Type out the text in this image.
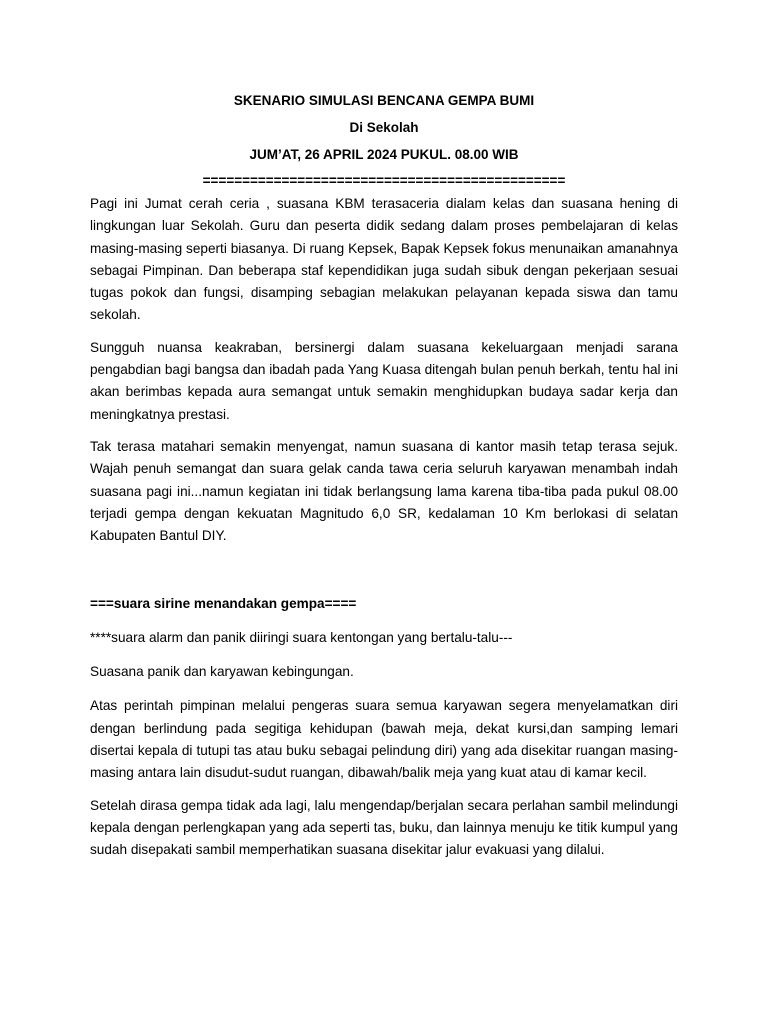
SKENARIO SIMULASI BENCANA GEMPA BUMI

Di Sekolah

JUM’AT, 26 APRIL 2024 PUKUL. 08.00 WIB

==============================================

Pagi ini Jumat cerah ceria , suasana KBM terasaceria dialam kelas dan suasana hening di lingkungan luar Sekolah. Guru dan peserta didik sedang dalam proses pembelajaran di kelas masing-masing seperti biasanya. Di ruang Kepsek, Bapak Kepsek fokus menunaikan amanahnya sebagai Pimpinan. Dan beberapa staf kependidikan juga sudah sibuk dengan pekerjaan sesuai tugas pokok dan fungsi, disamping sebagian melakukan pelayanan kepada siswa dan tamu sekolah.

Sungguh nuansa keakraban, bersinergi dalam suasana kekeluargaan menjadi sarana pengabdian bagi bangsa dan ibadah pada Yang Kuasa ditengah bulan penuh berkah, tentu hal ini akan berimbas kepada aura semangat untuk semakin menghidupkan budaya sadar kerja dan meningkatnya prestasi.

Tak terasa matahari semakin menyengat, namun suasana di kantor masih tetap terasa sejuk. Wajah penuh semangat dan suara gelak canda tawa ceria seluruh karyawan menambah indah suasana pagi ini...namun kegiatan ini tidak berlangsung lama karena tiba-tiba pada pukul 08.00 terjadi gempa dengan kekuatan Magnitudo 6,0 SR, kedalaman 10 Km berlokasi di selatan Kabupaten Bantul DIY.

===suara sirine menandakan gempa====

****suara alarm dan panik diiringi suara kentongan yang bertalu-talu---

Suasana panik dan karyawan kebingungan.

Atas perintah pimpinan melalui pengeras suara semua karyawan segera menyelamatkan diri dengan berlindung pada segitiga kehidupan (bawah meja, dekat kursi,dan samping lemari disertai kepala di tutupi tas atau buku sebagai pelindung diri) yang ada disekitar ruangan masing-masing antara lain disudut-sudut ruangan, dibawah/balik meja yang kuat atau di kamar kecil.

Setelah dirasa gempa tidak ada lagi, lalu mengendap/berjalan secara perlahan sambil melindungi kepala dengan perlengkapan yang ada seperti tas, buku, dan lainnya menuju ke titik kumpul yang sudah disepakati sambil memperhatikan suasana disekitar jalur evakuasi yang dilalui.
